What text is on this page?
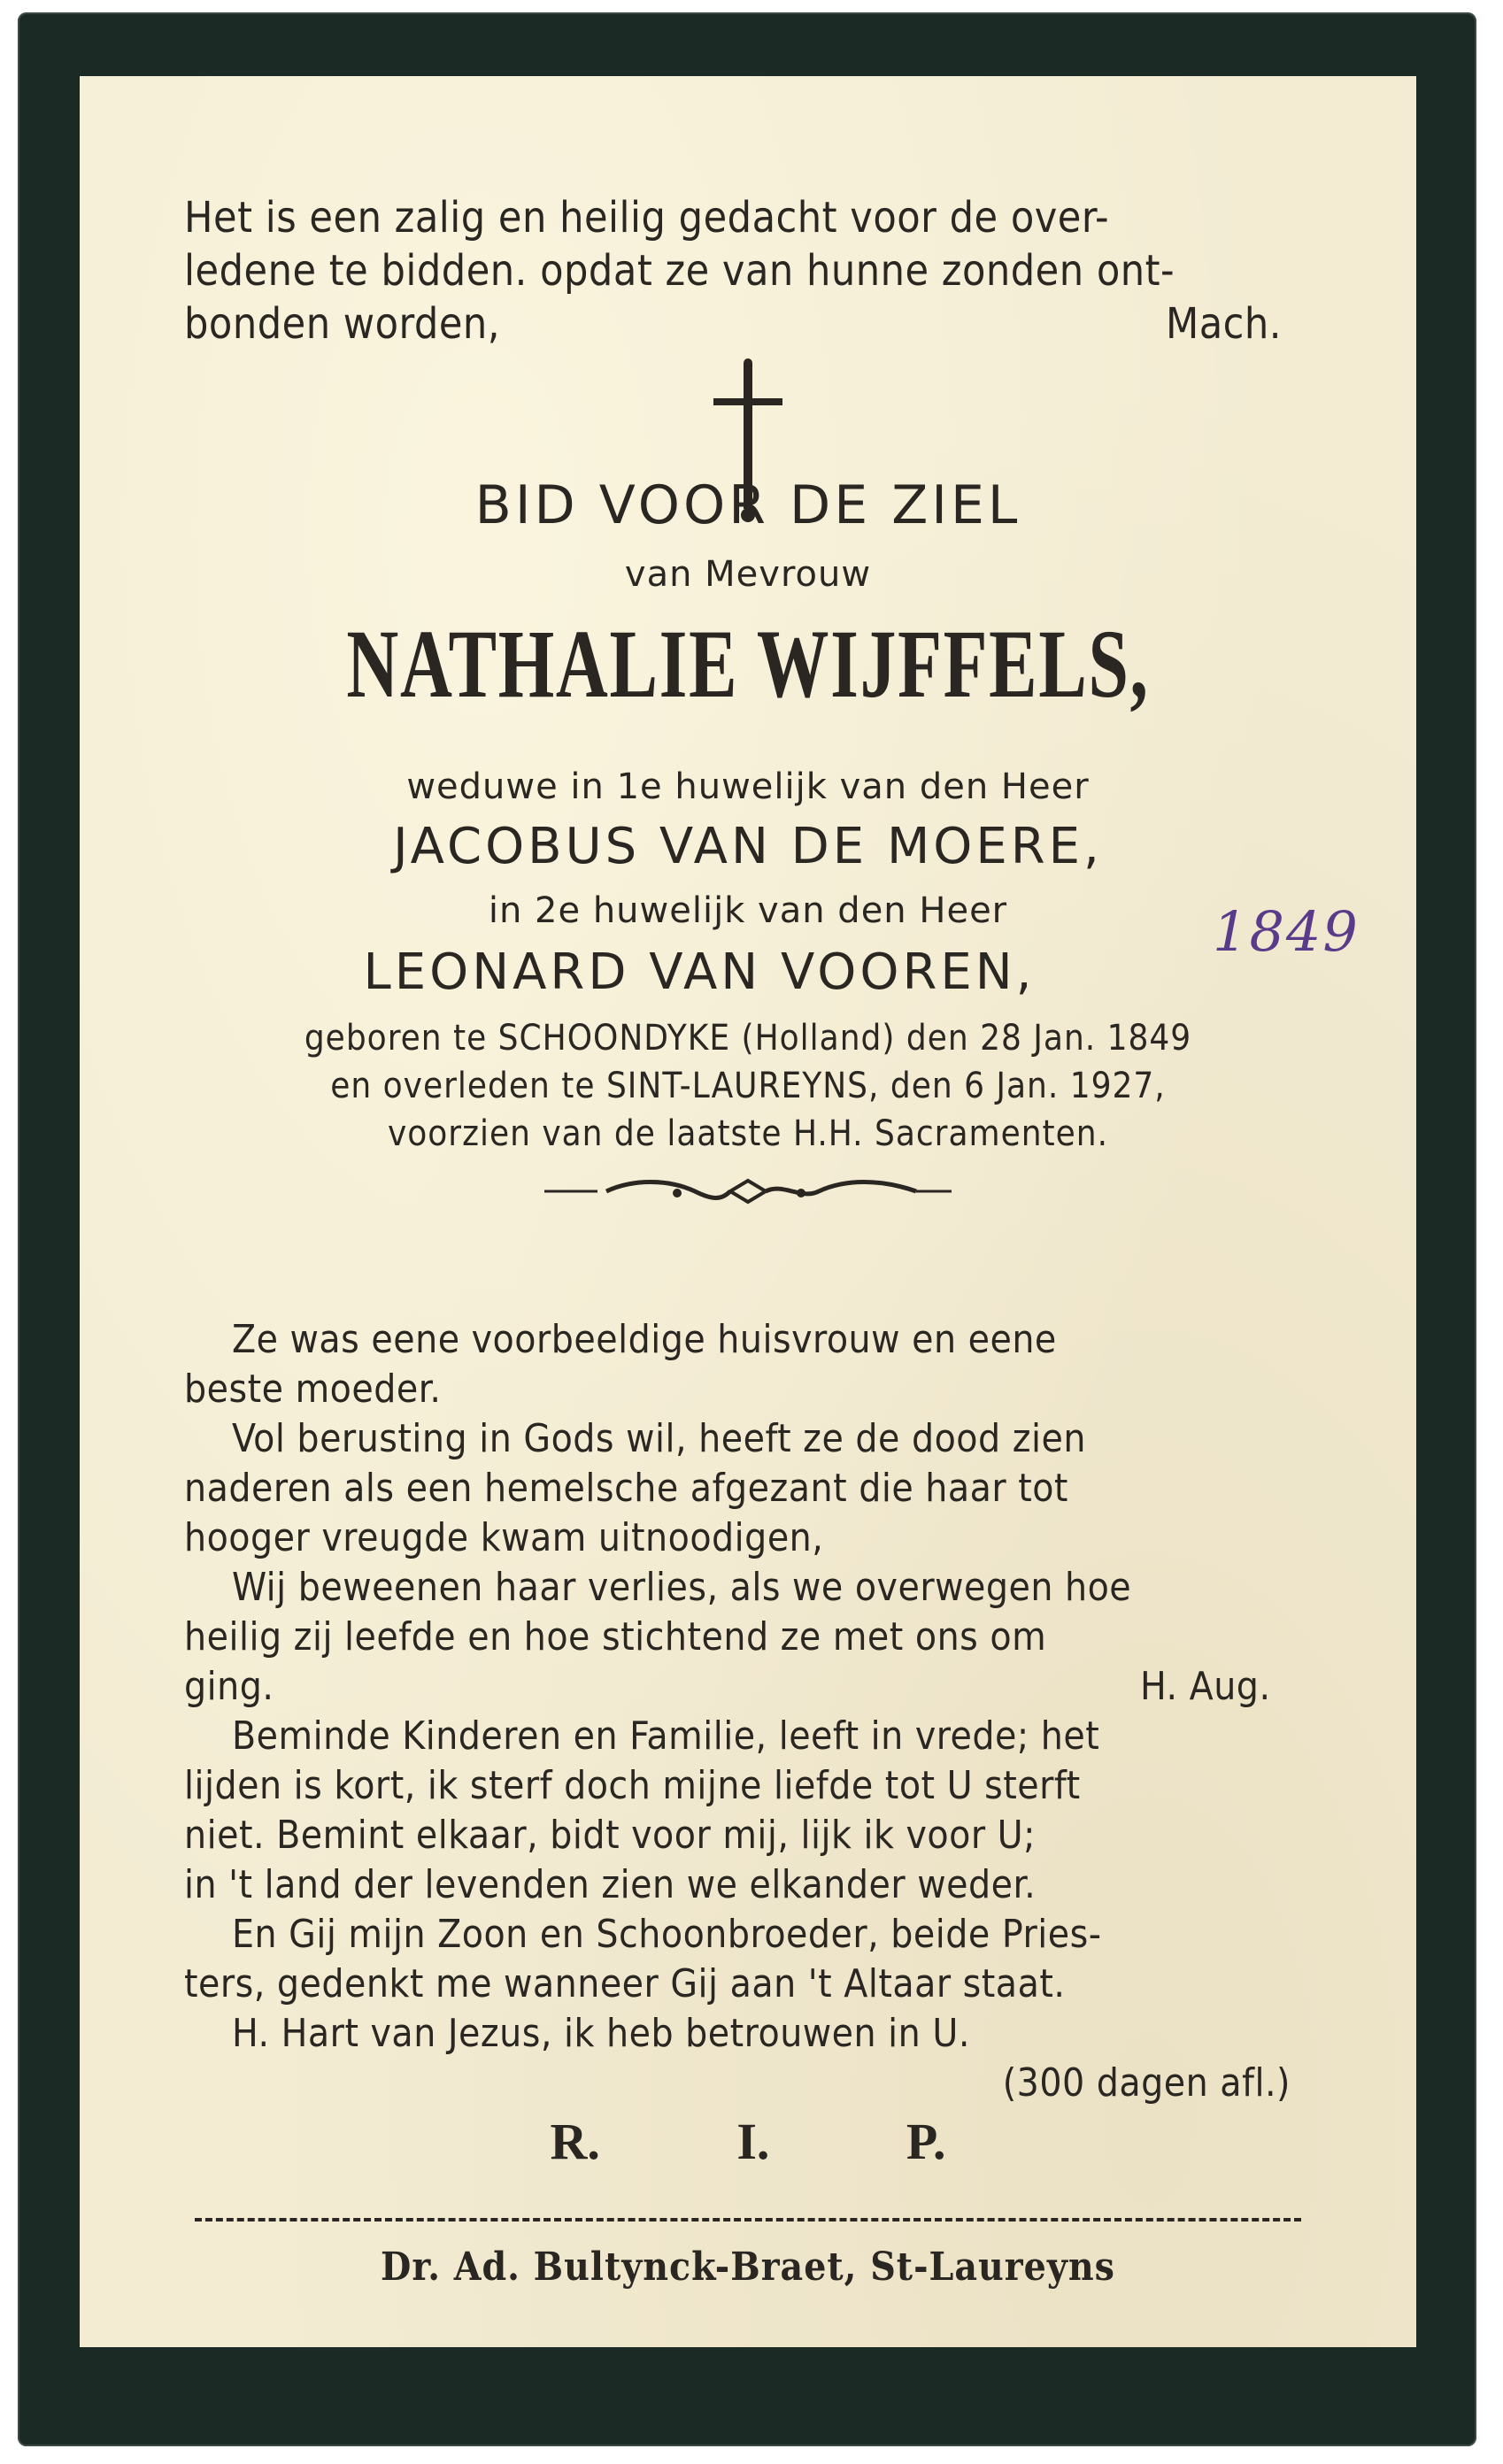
Het is een zalig en heilig gedacht voor de over-
ledene te bidden. opdat ze van hunne zonden ont-
bonden worden,	Mach.
BID VOOR DE ZIEL
van Mevrouw
NATHALIE WIJFFELS,
weduwe in 1e huwelijk van den Heer
JACOBUS VAN DE MOERE,
in 2e huwelijk van den Heer
LEONARD VAN VOOREN,
1849
geboren te SCHOONDYKE (Holland) den 28 Jan. 1849
en overleden te SINT-LAUREYNS, den 6 Jan. 1927,
voorzien van de laatste H.H. Sacramenten.
Ze was eene voorbeeldige huisvrouw en eene
beste moeder.
Vol berusting in Gods wil, heeft ze de dood zien
naderen als een hemelsche afgezant die haar tot
hooger vreugde kwam uitnoodigen,
Wij beweenen haar verlies, als we overwegen hoe
heilig zij leefde en hoe stichtend ze met ons om
ging.	H. Aug.
Beminde Kinderen en Familie, leeft in vrede; het
lijden is kort, ik sterf doch mijne liefde tot U sterft
niet. Bemint elkaar, bidt voor mij, lijk ik voor U;
in 't land der levenden zien we elkander weder.
En Gij mijn Zoon en Schoonbroeder, beide Pries-
ters, gedenkt me wanneer Gij aan 't Altaar staat.
H. Hart van Jezus, ik heb betrouwen in U.
(300 dagen afl.)
R. I. P.
Dr. Ad. Bultynck-Braet, St-Laureyns
